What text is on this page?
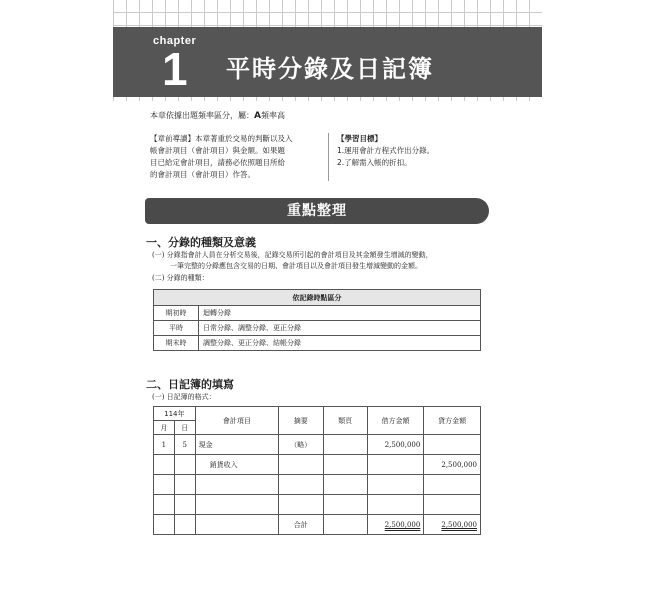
chapter
1 平時分錄及日記簿
本章依據出題頻率區分，屬：A頻率高
【章前導讀】本章著重於交易的判斷以及入
帳會計項目（會計項目）與金額。如果題
目已給定會計項目，請務必依照題目所給
的會計項目（會計項目）作答。
【學習目標】
1.運用會計方程式作出分錄。
2.了解需入帳的折扣。
重點整理
一、分錄的種類及意義
(一) 分錄指會計人員在分析交易後，記錄交易所引起的會計項目及其金額發生增減的變動，
一筆完整的分錄應包含交易的日期、會計項目以及會計項目發生增減變動的金額。
(二) 分錄的種類：
依記錄時點區分	
期初時	迴轉分錄
平時	日常分錄、調整分錄、更正分錄
期末時	調整分錄、更正分錄、結帳分錄
二、日記簿的填寫
(一) 日記簿的格式：
114年		會計項目	摘要	類頁	借方金額	貸方金額
月	日					
1	5	現金	（略）		2,500,000	
		銷貨收入				2,500,000

			合計		2,500,000	2,500,000
